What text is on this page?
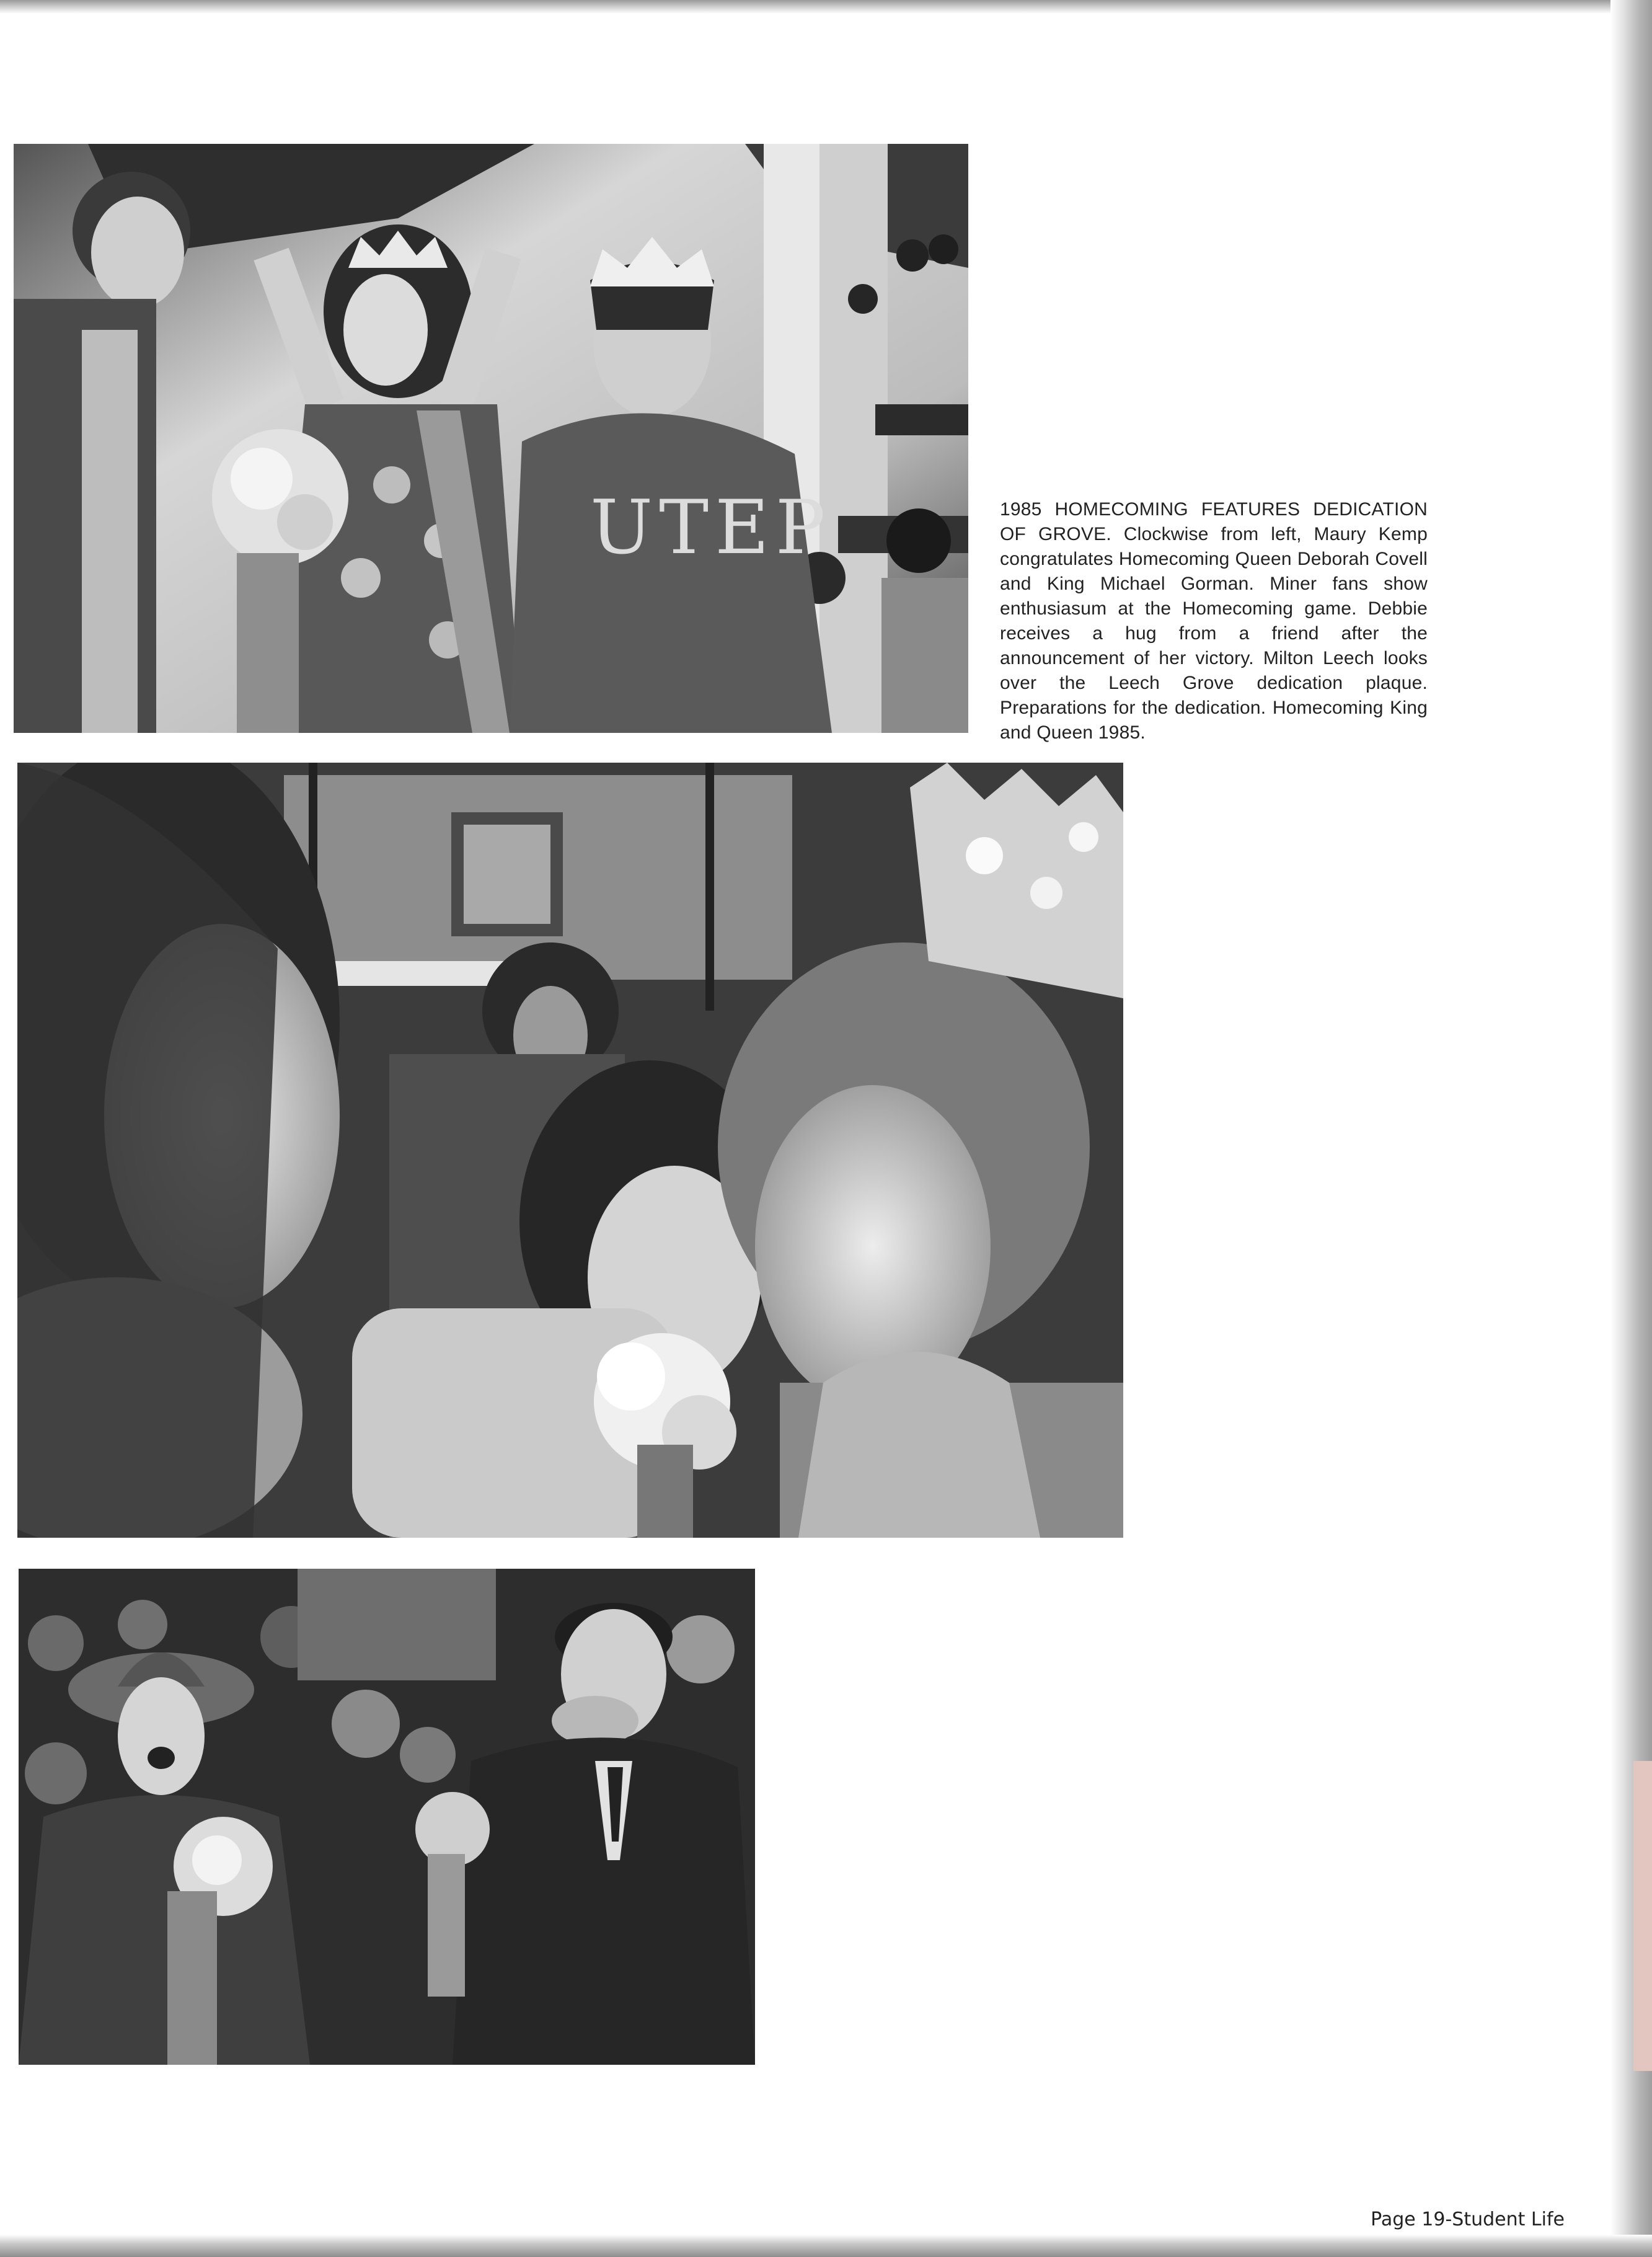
UTEP	1985 HOMECOMING FEATURES DEDICATION OF GROVE. Clockwise from left, Maury Kemp congratulates Homecoming Queen Deborah Covell and King Michael Gorman. Miner fans show enthusiasum at the Homecoming game. Debbie receives a hug from a friend after the announcement of her victory. Milton Leech looks over the Leech Grove dedication plaque. Preparations for the dedication. Homecoming King and Queen 1985.
Page 19-Student Life
